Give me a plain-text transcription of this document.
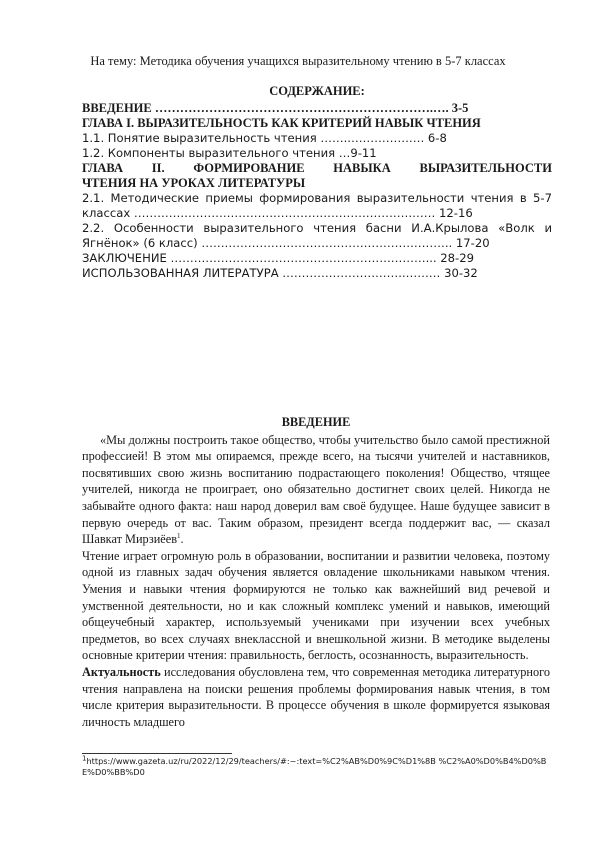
На тему: Методика обучения учащихся выразительному чтению в 5-7 классах
СОДЕРЖАНИЕ:
ВВЕДЕНИЕ ………………………………………………………….…. 3-5
ГЛАВА I. ВЫРАЗИТЕЛЬНОСТЬ КАК КРИТЕРИЙ НАВЫК ЧТЕНИЯ
1.1. Понятие выразительность чтения ……..………………. 6-8
1.2. Компоненты выразительного чтения …9-11
ГЛАВА II. ФОРМИРОВАНИЕ НАВЫКА ВЫРАЗИТЕЛЬНОСТИ
ЧТЕНИЯ НА УРОКАХ ЛИТЕРАТУРЫ
2.1. Методические приемы формирования выразительности чтения в 5-7
классах …………………………………………………………………… 12-16
2.2. Особенности выразительного чтения басни И.А.Крылова «Волк и
Ягнёнок» (6 класс) ……………………………………………………….. 17-20
ЗАКЛЮЧЕНИЕ …………………………………………………………... 28-29
ИСПОЛЬЗОВАННАЯ ЛИТЕРАТУРА …………………………..……… 30-32
ВВЕДЕНИЕ

«Мы должны построить такое общество, чтобы учительство было самой престижной профессией! В этом мы опираемся, прежде всего, на тысячи учителей и наставников, посвятивших свою жизнь воспитанию подрастающего поколения! Общество, чтящее учителей, никогда не проиграет, оно обязательно достигнет своих целей. Никогда не забывайте одного факта: наш народ доверил вам своё будущее. Наше будущее зависит в первую очередь от вас. Таким образом, президент всегда поддержит вас, — сказал Шавкат Мирзиёев$^1$.

Чтение играет огромную роль в образовании, воспитании и развитии человека, поэтому одной из главных задач обучения является овладение школьниками навыком чтения. Умения и навыки чтения формируются не только как важнейший вид речевой и умственной деятельности, но и как сложный комплекс умений и навыков, имеющий общеучебный характер, используемый учениками при изучении всех учебных предметов, во всех случаях внеклассной и внешкольной жизни. В методике выделены основные критерии чтения: правильность, беглость, осознанность, выразительность.

Актуальность исследования обусловлена тем, что современная методика литературного чтения направлена на поиски решения проблемы формирования навык чтения, в том числе критерия выразительности. В процессе обучения в школе формируется языковая личность младшего

$^1$https://www.gazeta.uz/ru/2022/12/29/teachers/#:~:text=%C2%AB%D0%9C%D1%8B %C2%A0%D0%B4%D0%BE%D0%BB%D0
